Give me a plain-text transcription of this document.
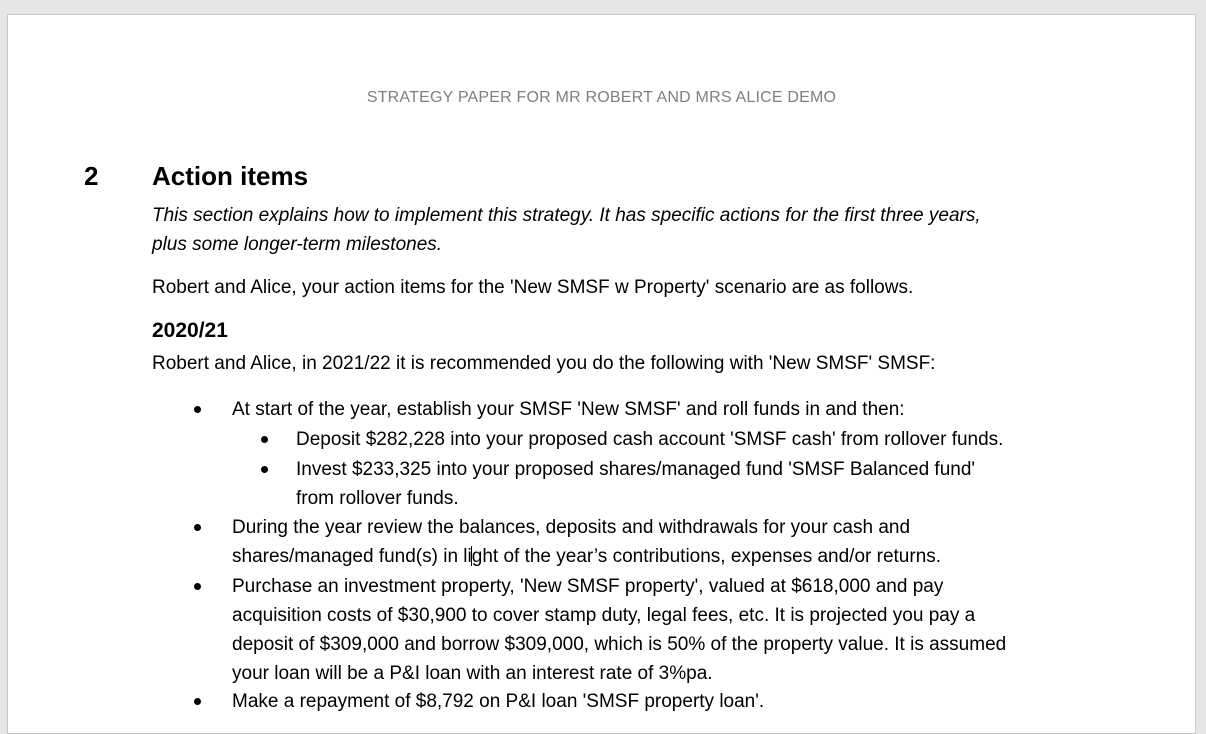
STRATEGY PAPER FOR MR ROBERT AND MRS ALICE DEMO
2 Action items
This section explains how to implement this strategy. It has specific actions for the first three years,
plus some longer-term milestones.
Robert and Alice, your action items for the 'New SMSF w Property' scenario are as follows.
2020/21
Robert and Alice, in 2021/22 it is recommended you do the following with 'New SMSF' SMSF:
At start of the year, establish your SMSF 'New SMSF' and roll funds in and then:
Deposit $282,228 into your proposed cash account 'SMSF cash' from rollover funds.
Invest $233,325 into your proposed shares/managed fund 'SMSF Balanced fund'
from rollover funds.
During the year review the balances, deposits and withdrawals for your cash and
shares/managed fund(s) in light of the year’s contributions, expenses and/or returns.
Purchase an investment property, 'New SMSF property', valued at $618,000 and pay
acquisition costs of $30,900 to cover stamp duty, legal fees, etc. It is projected you pay a
deposit of $309,000 and borrow $309,000, which is 50% of the property value. It is assumed
your loan will be a P&I loan with an interest rate of 3%pa.
Make a repayment of $8,792 on P&I loan 'SMSF property loan'.
